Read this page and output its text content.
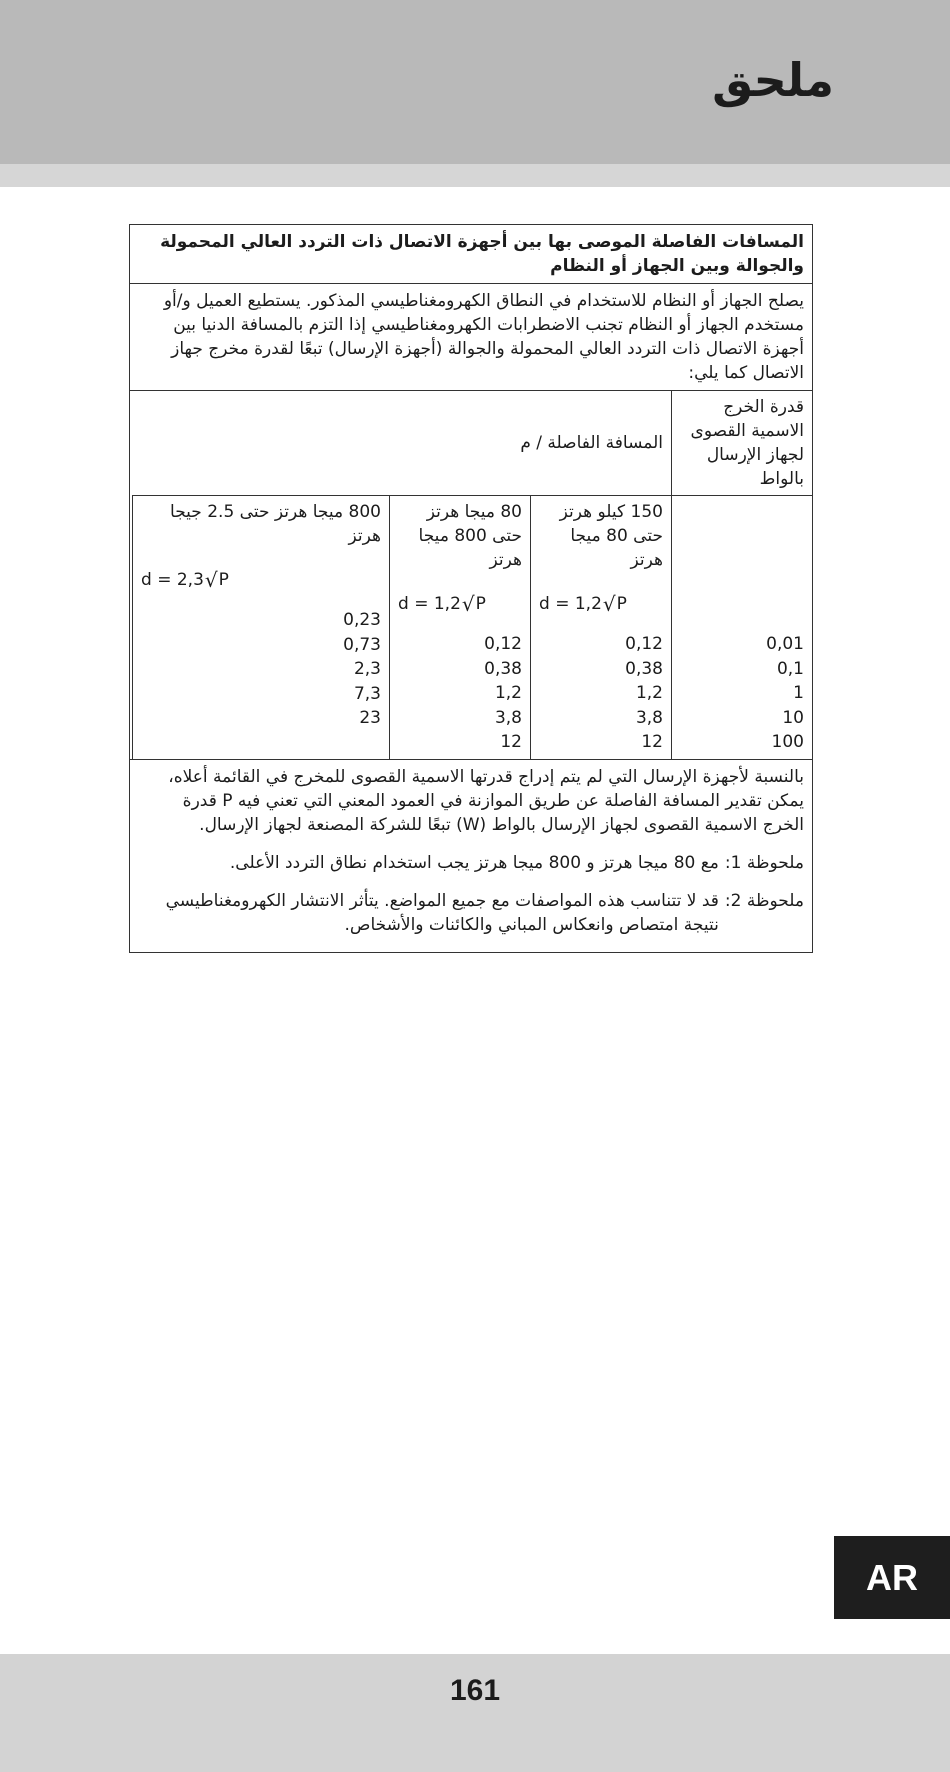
ملحق

المسافات الفاصلة الموصى بها بين أجهزة الاتصال ذات التردد العالي المحمولة والجوالة وبين الجهاز أو النظام

يصلح الجهاز أو النظام للاستخدام في النطاق الكهرومغناطيسي المذكور. يستطيع العميل و/أو مستخدم الجهاز أو النظام تجنب الاضطرابات الكهرومغناطيسي إذا التزم بالمسافة الدنيا بين أجهزة الاتصال ذات التردد العالي المحمولة والجوالة (أجهزة الإرسال) تبعًا لقدرة مخرج جهاز الاتصال كما يلي:

قدرة الخرج الاسمية القصوى لجهاز الإرسال بالواط
المسافة الفاصلة / م
0,01
0,1
1
10
100
150 كيلو هرتز حتى 80 ميجا هرتز
d = 1,2 √ P
0,12
0,38
1,2
3,8
12
80 ميجا هرتز حتى 800 ميجا هرتز
d = 1,2 √ P
0,12
0,38
1,2
3,8
12
800 ميجا هرتز حتى 2.5 جيجا هرتز
d = 2,3 √ P
0,23
0,73
2,3
7,3
23

بالنسبة لأجهزة الإرسال التي لم يتم إدراج قدرتها الاسمية القصوى للمخرج في القائمة أعلاه، يمكن تقدير المسافة الفاصلة عن طريق الموازنة في العمود المعني التي تعني فيه P قدرة الخرج الاسمية القصوى لجهاز الإرسال بالواط (W) تبعًا للشركة المصنعة لجهاز الإرسال.

ملحوظة 1:
مع 80 ميجا هرتز و 800 ميجا هرتز يجب استخدام نطاق التردد الأعلى.
ملحوظة 2:
قد لا تتناسب هذه المواصفات مع جميع المواضع. يتأثر الانتشار الكهرومغناطيسي نتيجة امتصاص وانعكاس المباني والكائنات والأشخاص.
AR
161
